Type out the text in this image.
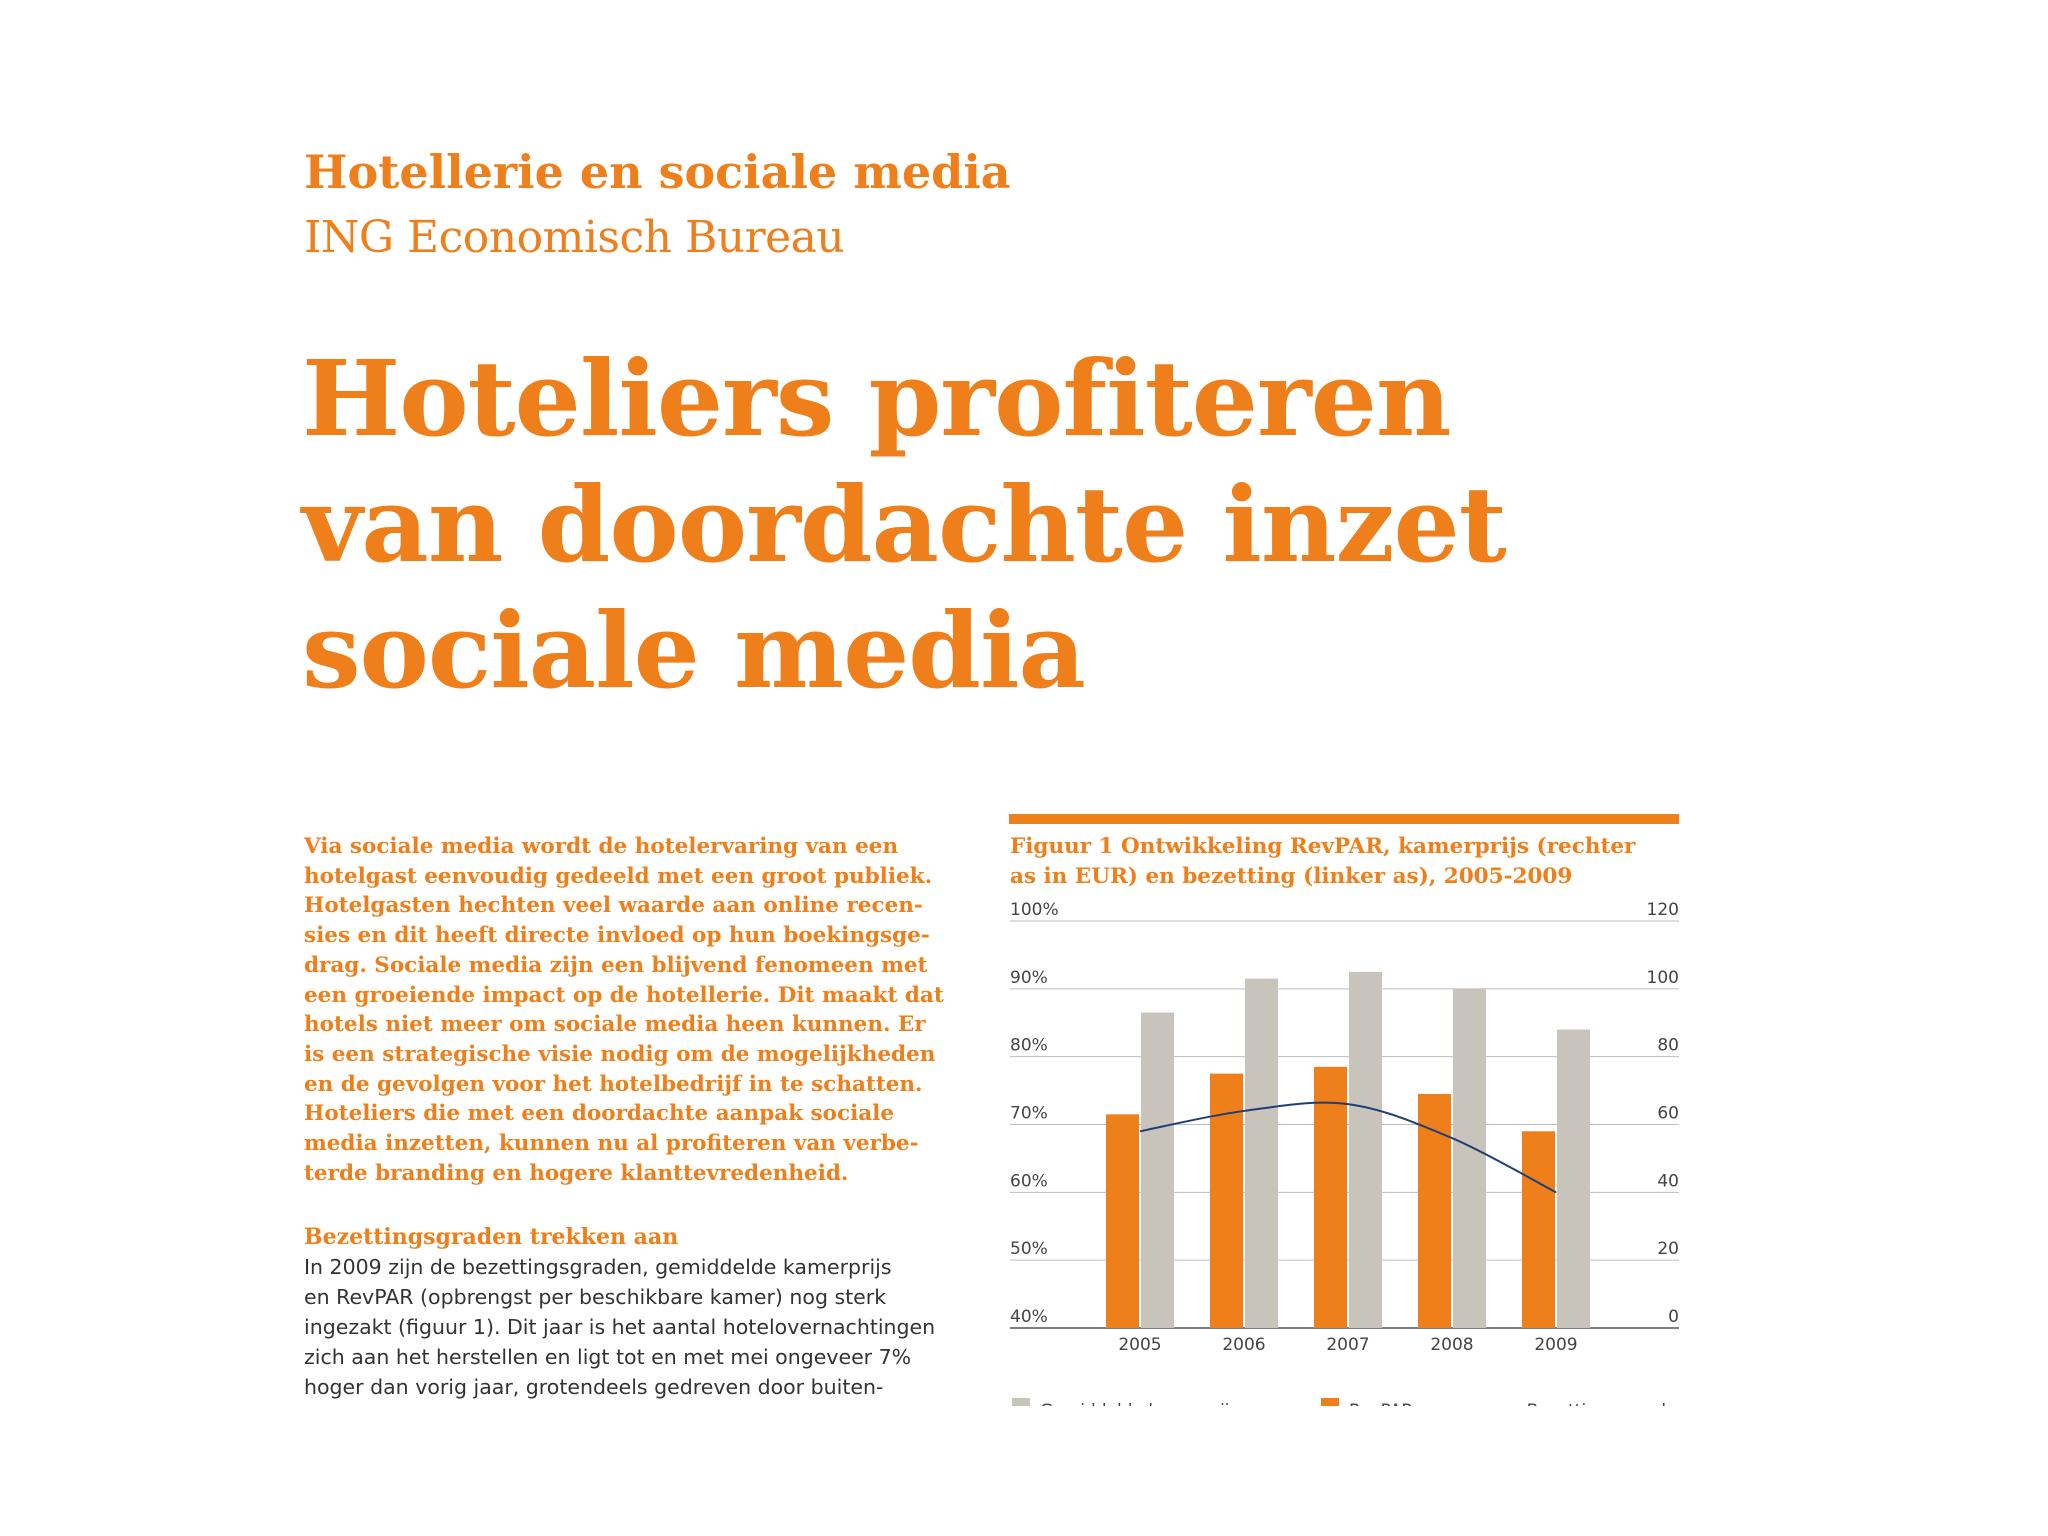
Hotellerie en sociale media
ING Economisch Bureau
Hoteliers profiteren
van doordachte inzet
sociale media

Via sociale media wordt de hotelervaring van een
hotelgast eenvoudig gedeeld met een groot publiek.
Hotelgasten hechten veel waarde aan online recen-
sies en dit heeft directe invloed op hun boekingsge-
drag. Sociale media zijn een blijvend fenomeen met
een groeiende impact op de hotellerie. Dit maakt dat
hotels niet meer om sociale media heen kunnen. Er
is een strategische visie nodig om de mogelijkheden
en de gevolgen voor het hotelbedrijf in te schatten.
Hoteliers die met een doordachte aanpak sociale
media inzetten, kunnen nu al profiteren van verbe-
terde branding en hogere klanttevredenheid.

Bezettingsgraden trekken aan

In 2009 zijn de bezettingsgraden, gemiddelde kamerprijs
en RevPAR (opbrengst per beschikbare kamer) nog sterk
ingezakt (figuur 1). Dit jaar is het aantal hotelovernachtingen
zich aan het herstellen en ligt tot en met mei ongeveer 7%
hoger dan vorig jaar, grotendeels gedreven door buiten-

Figuur 1 Ontwikkeling RevPAR, kamerprijs (rechter
as in EUR) en bezetting (linker as), 2005-2009

100%	120
90%	100
80%	80
70%	60
60%	40
50%	20
40%	0
2005	2006	2007	2008	2009
